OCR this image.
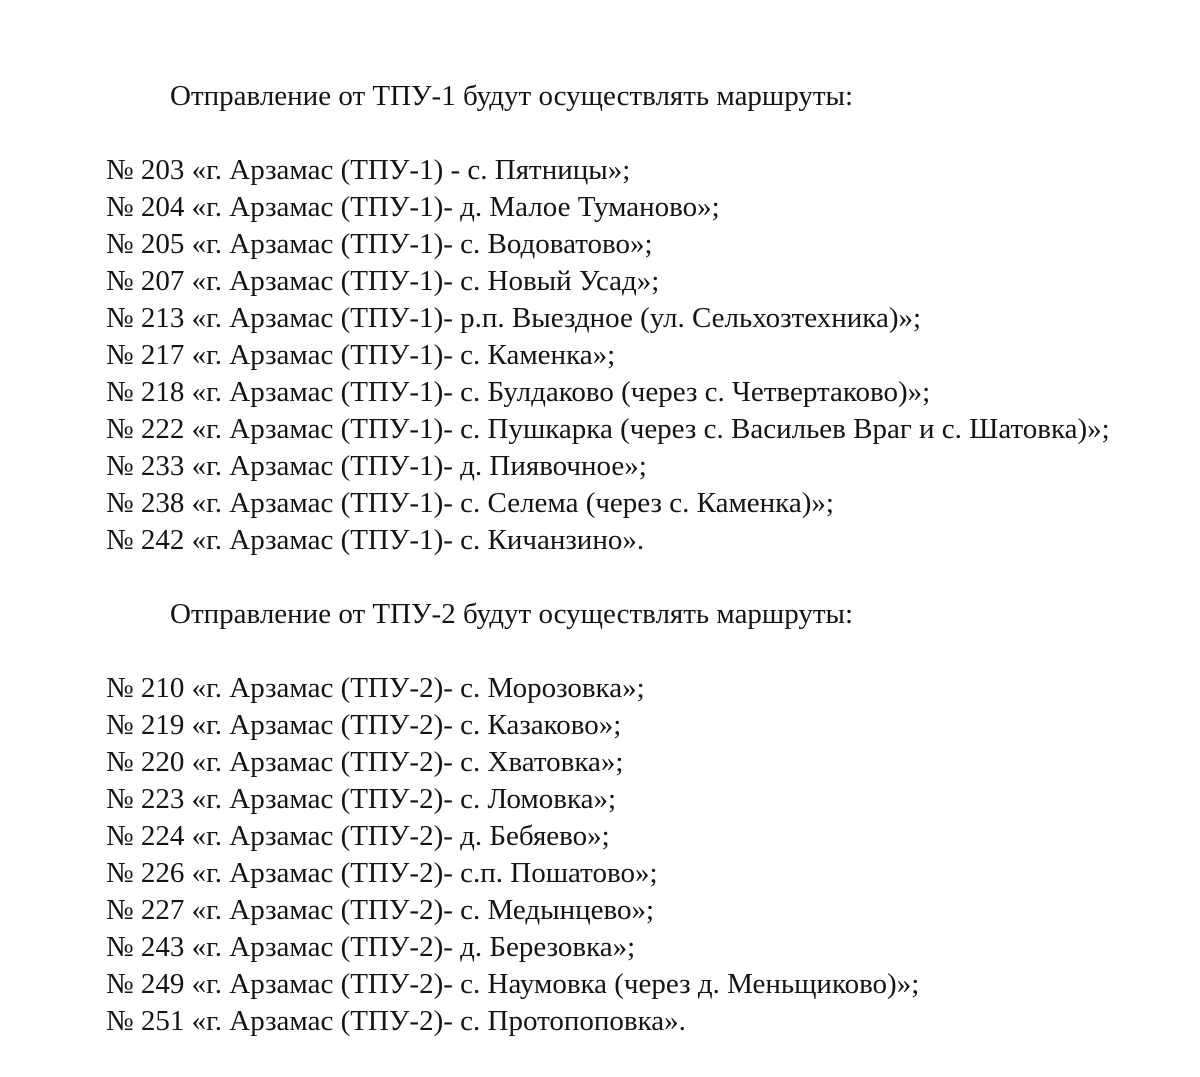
Отправление от ТПУ-1 будут осуществлять маршруты:

№ 203 «г. Арзамас (ТПУ-1) - с. Пятницы»;
№ 204 «г. Арзамас (ТПУ-1)- д. Малое Туманово»;
№ 205 «г. Арзамас (ТПУ-1)- с. Водоватово»;
№ 207 «г. Арзамас (ТПУ-1)- с. Новый Усад»;
№ 213 «г. Арзамас (ТПУ-1)- р.п. Выездное (ул. Сельхозтехника)»;
№ 217 «г. Арзамас (ТПУ-1)- с. Каменка»;
№ 218 «г. Арзамас (ТПУ-1)- с. Булдаково (через с. Четвертаково)»;
№ 222 «г. Арзамас (ТПУ-1)- с. Пушкарка (через с. Васильев Враг и с. Шатовка)»;
№ 233 «г. Арзамас (ТПУ-1)- д. Пиявочное»;
№ 238 «г. Арзамас (ТПУ-1)- с. Селема (через с. Каменка)»;
№ 242 «г. Арзамас (ТПУ-1)- с. Кичанзино».

Отправление от ТПУ-2 будут осуществлять маршруты:

№ 210 «г. Арзамас (ТПУ-2)- с. Морозовка»;
№ 219 «г. Арзамас (ТПУ-2)- с. Казаково»;
№ 220 «г. Арзамас (ТПУ-2)- с. Хватовка»;
№ 223 «г. Арзамас (ТПУ-2)- с. Ломовка»;
№ 224 «г. Арзамас (ТПУ-2)- д. Бебяево»;
№ 226 «г. Арзамас (ТПУ-2)- с.п. Пошатово»;
№ 227 «г. Арзамас (ТПУ-2)- с. Медынцево»;
№ 243 «г. Арзамас (ТПУ-2)- д. Березовка»;
№ 249 «г. Арзамас (ТПУ-2)- с. Наумовка (через д. Меньщиково)»;
№ 251 «г. Арзамас (ТПУ-2)- с. Протопоповка».
